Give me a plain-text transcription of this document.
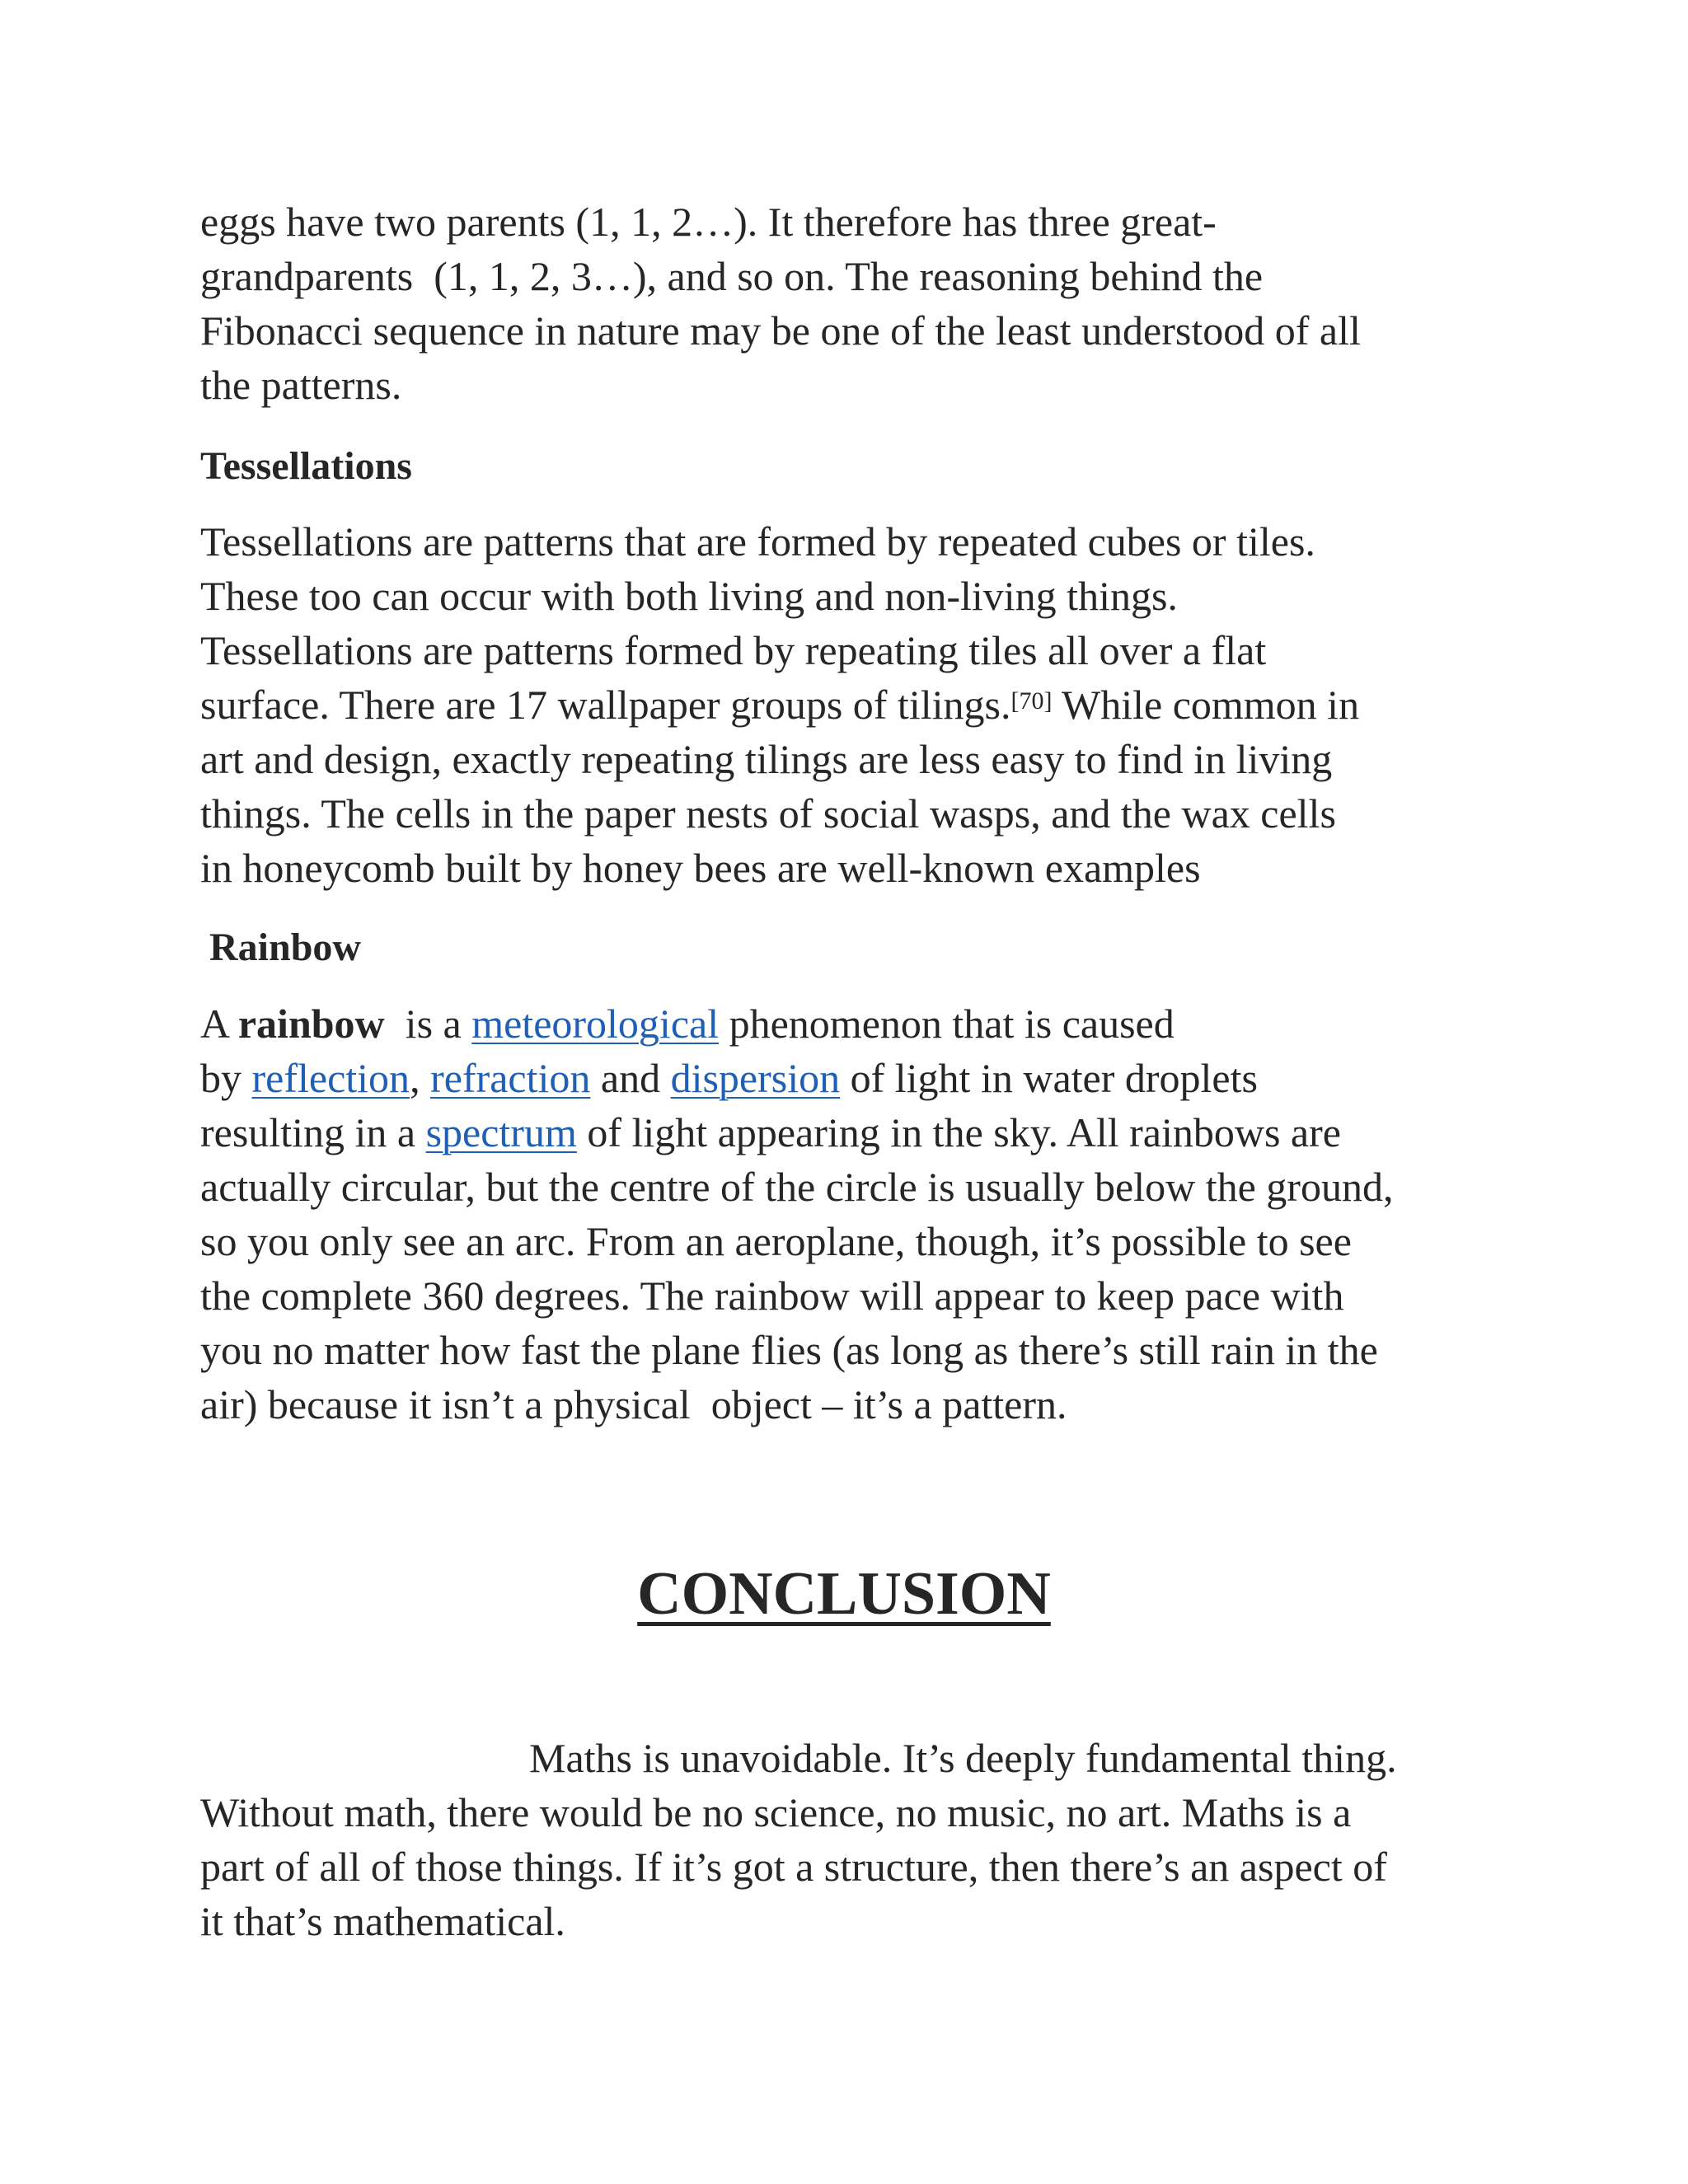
eggs have two parents (1, 1, 2…). It therefore has three great-

grandparents  (1, 1, 2, 3…), and so on. The reasoning behind the

Fibonacci sequence in nature may be one of the least understood of all

the patterns.

Tessellations

Tessellations are patterns that are formed by repeated cubes or tiles.

These too can occur with both living and non-living things.

Tessellations are patterns formed by repeating tiles all over a flat

surface. There are 17 wallpaper groups of tilings.[70] While common in

art and design, exactly repeating tilings are less easy to find in living

things. The cells in the paper nests of social wasps, and the wax cells

in honeycomb built by honey bees are well-known examples

Rainbow

A rainbow  is a meteorological phenomenon that is caused

by reflection, refraction and dispersion of light in water droplets

resulting in a spectrum of light appearing in the sky. All rainbows are

actually circular, but the centre of the circle is usually below the ground,

so you only see an arc. From an aeroplane, though, it’s possible to see

the complete 360 degrees. The rainbow will appear to keep pace with

you no matter how fast the plane flies (as long as there’s still rain in the

air) because it isn’t a physical  object – it’s a pattern.

CONCLUSION

Maths is unavoidable. It’s deeply fundamental thing.

Without math, there would be no science, no music, no art. Maths is a

part of all of those things. If it’s got a structure, then there’s an aspect of

it that’s mathematical.
